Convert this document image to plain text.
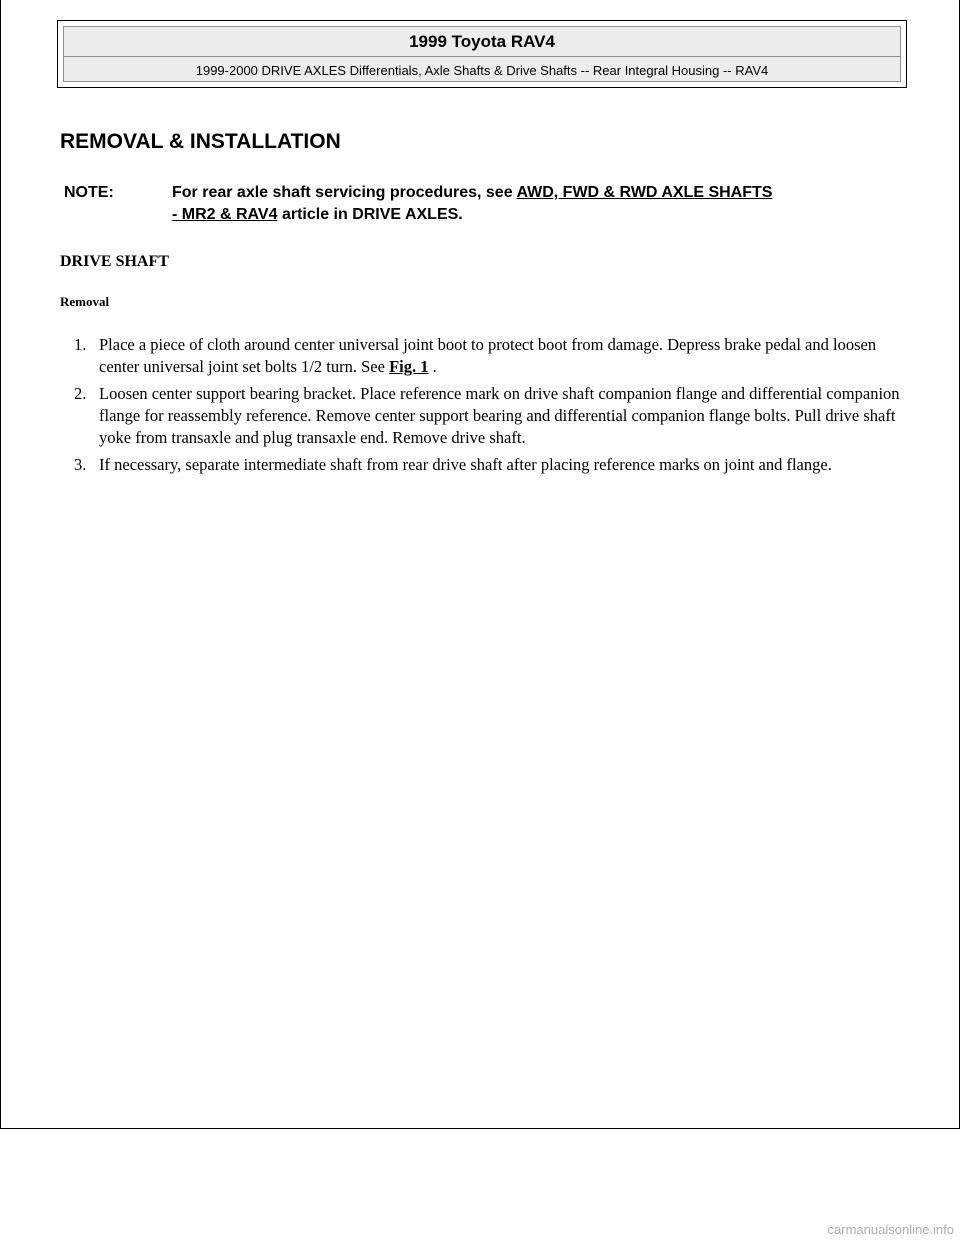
1999 Toyota RAV4
1999-2000 DRIVE AXLES Differentials, Axle Shafts & Drive Shafts -- Rear Integral Housing -- RAV4
REMOVAL & INSTALLATION
NOTE:	For rear axle shaft servicing procedures, see AWD, FWD & RWD AXLE SHAFTS
- MR2 & RAV4 article in DRIVE AXLES.
DRIVE SHAFT
Removal
1. Place a piece of cloth around center universal joint boot to protect boot from damage. Depress brake pedal and loosen center universal joint set bolts 1/2 turn. See Fig. 1 .
2. Loosen center support bearing bracket. Place reference mark on drive shaft companion flange and differential companion flange for reassembly reference. Remove center support bearing and differential companion flange bolts. Pull drive shaft yoke from transaxle and plug transaxle end. Remove drive shaft.
3. If necessary, separate intermediate shaft from rear drive shaft after placing reference marks on joint and flange.
carmanualsonline.info
